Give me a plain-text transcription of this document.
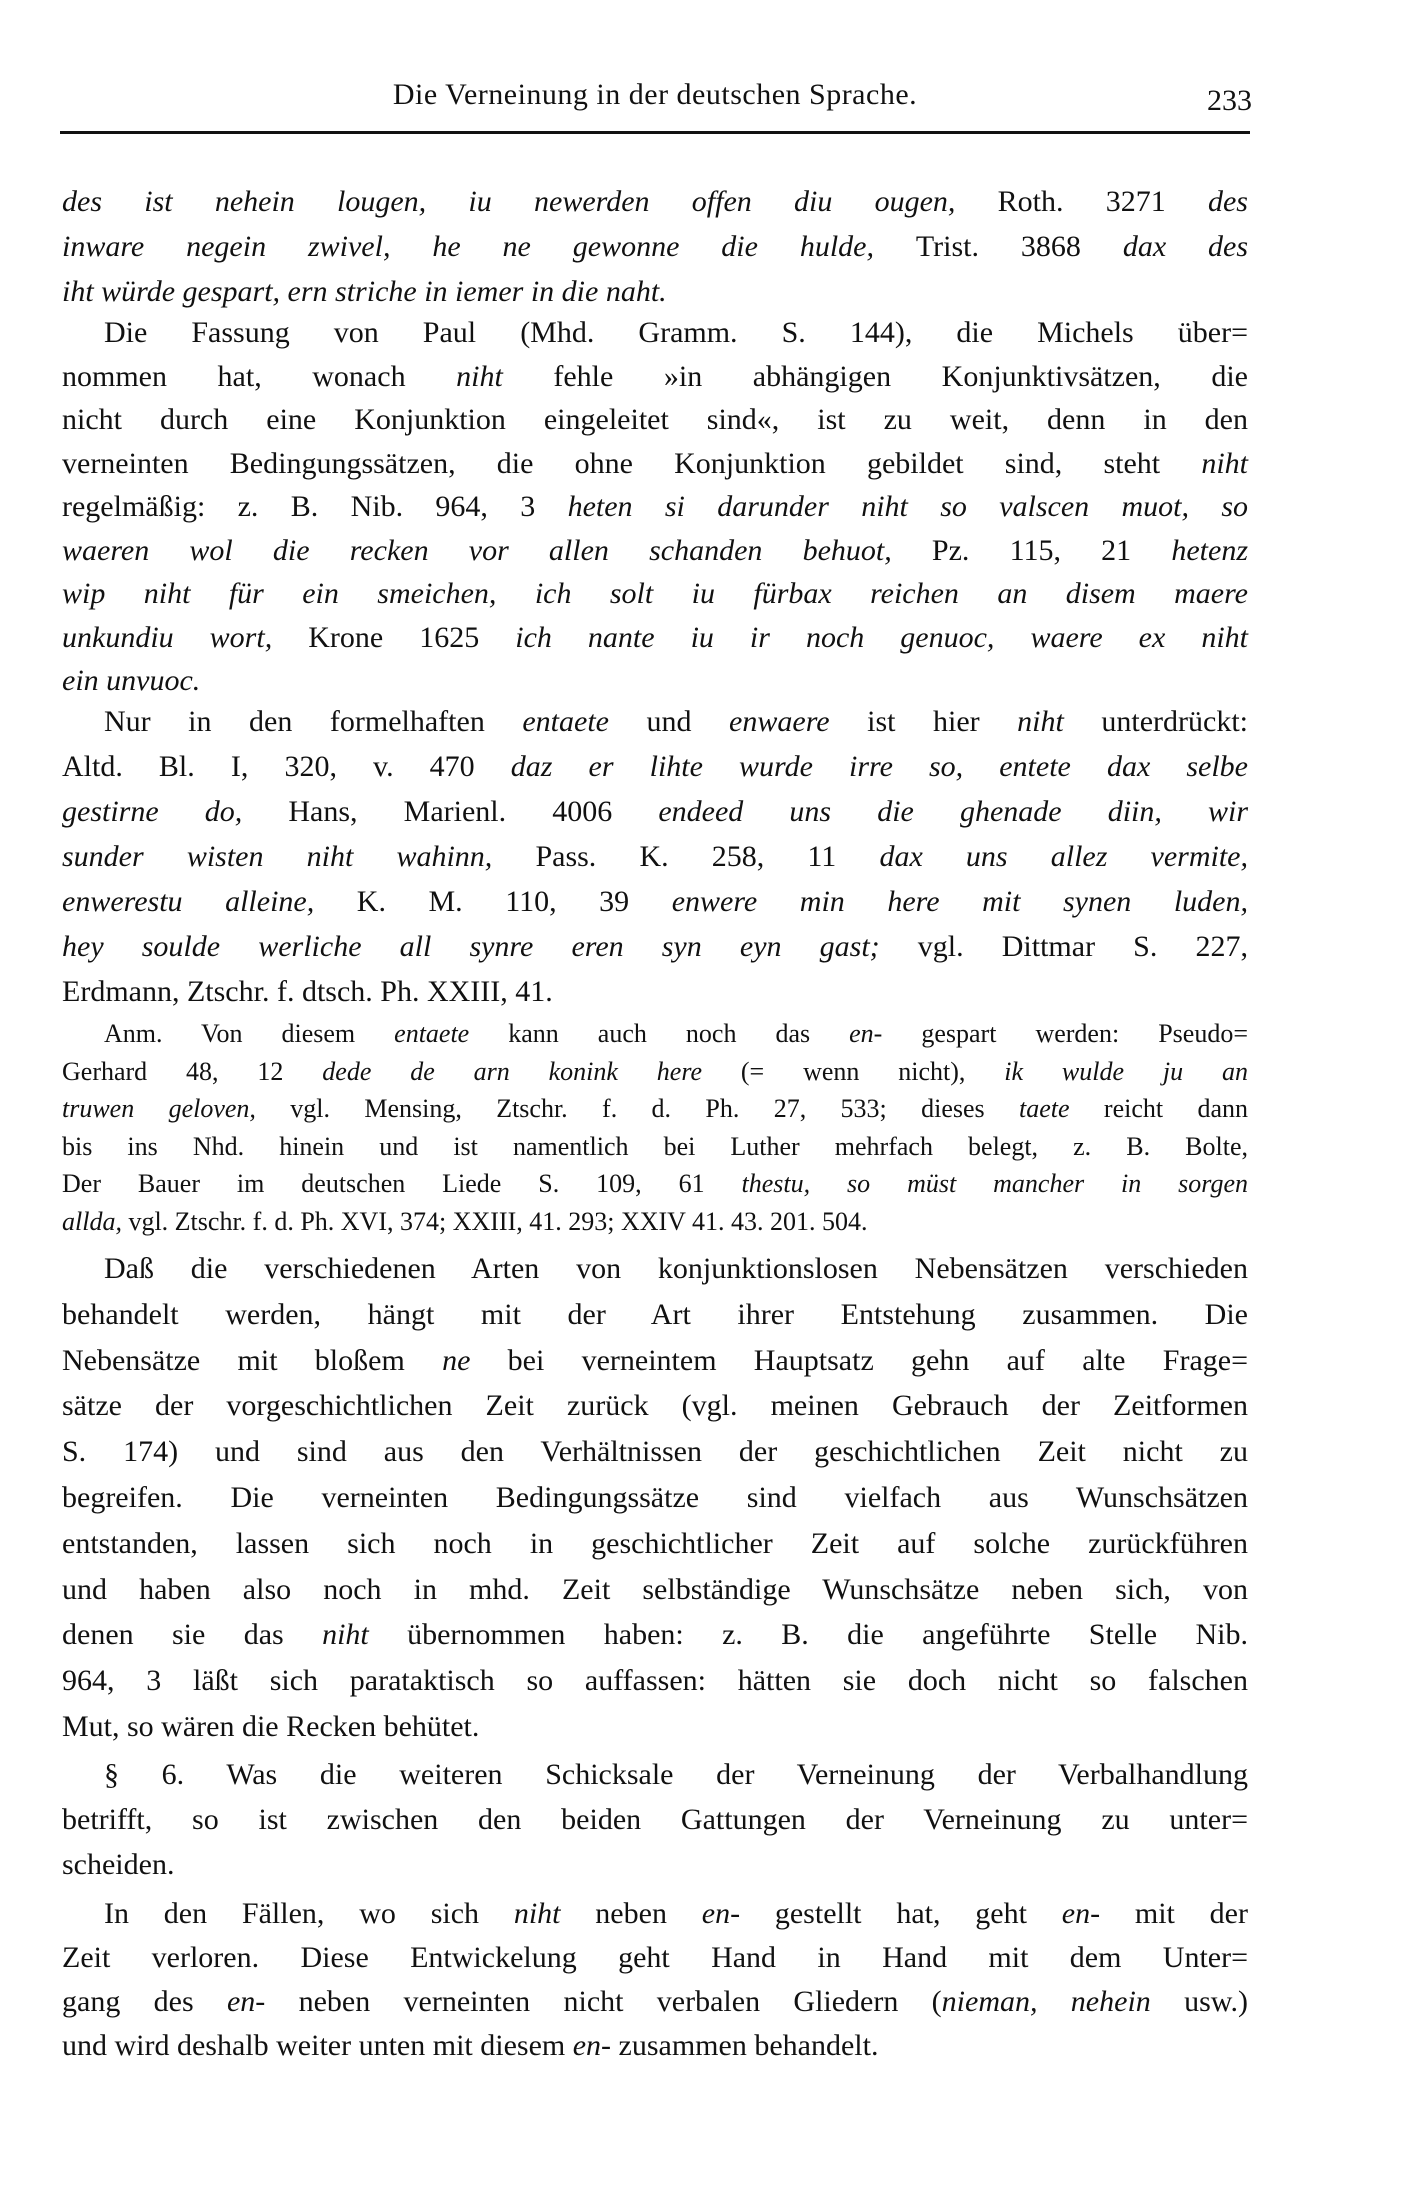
Die Verneinung in der deutschen Sprache.	233
des ist nehein lougen, iu newerden offen diu ougen, Roth. 3271 des
inware negein zwivel, he ne gewonne die hulde, Trist. 3868 dax des
iht würde gespart, ern striche in iemer in die naht.
Die Fassung von Paul (Mhd. Gramm. S. 144), die Michels über=
nommen hat, wonach niht fehle »in abhängigen Konjunktivsätzen, die
nicht durch eine Konjunktion eingeleitet sind«, ist zu weit, denn in den
verneinten Bedingungssätzen, die ohne Konjunktion gebildet sind, steht niht
regelmäßig: z. B. Nib. 964, 3 heten si darunder niht so valscen muot, so
waeren wol die recken vor allen schanden behuot, Pz. 115, 21 hetenz
wip niht für ein smeichen, ich solt iu fürbax reichen an disem maere
unkundiu wort, Krone 1625 ich nante iu ir noch genuoc, waere ex niht
ein unvuoc.
Nur in den formelhaften entaete und enwaere ist hier niht unterdrückt:
Altd. Bl. I, 320, v. 470 daz er lihte wurde irre so, entete dax selbe
gestirne do, Hans, Marienl. 4006 endeed uns die ghenade diin, wir
sunder wisten niht wahinn, Pass. K. 258, 11 dax uns allez vermite,
enwerestu alleine, K. M. 110, 39 enwere min here mit synen luden,
hey soulde werliche all synre eren syn eyn gast; vgl. Dittmar S. 227,
Erdmann, Ztschr. f. dtsch. Ph. XXIII, 41.
Anm. Von diesem entaete kann auch noch das en- gespart werden: Pseudo=
Gerhard 48, 12 dede de arn konink here (= wenn nicht), ik wulde ju an
truwen geloven, vgl. Mensing, Ztschr. f. d. Ph. 27, 533; dieses taete reicht dann
bis ins Nhd. hinein und ist namentlich bei Luther mehrfach belegt, z. B. Bolte,
Der Bauer im deutschen Liede S. 109, 61 thestu, so müst mancher in sorgen
allda, vgl. Ztschr. f. d. Ph. XVI, 374; XXIII, 41. 293; XXIV 41. 43. 201. 504.
Daß die verschiedenen Arten von konjunktionslosen Nebensätzen verschieden
behandelt werden, hängt mit der Art ihrer Entstehung zusammen. Die
Nebensätze mit bloßem ne bei verneintem Hauptsatz gehn auf alte Frage=
sätze der vorgeschichtlichen Zeit zurück (vgl. meinen Gebrauch der Zeitformen
S. 174) und sind aus den Verhältnissen der geschichtlichen Zeit nicht zu
begreifen. Die verneinten Bedingungssätze sind vielfach aus Wunschsätzen
entstanden, lassen sich noch in geschichtlicher Zeit auf solche zurückführen
und haben also noch in mhd. Zeit selbständige Wunschsätze neben sich, von
denen sie das niht übernommen haben: z. B. die angeführte Stelle Nib.
964, 3 läßt sich parataktisch so auffassen: hätten sie doch nicht so falschen
Mut, so wären die Recken behütet.
§ 6. Was die weiteren Schicksale der Verneinung der Verbalhandlung
betrifft, so ist zwischen den beiden Gattungen der Verneinung zu unter=
scheiden.
In den Fällen, wo sich niht neben en- gestellt hat, geht en- mit der
Zeit verloren. Diese Entwickelung geht Hand in Hand mit dem Unter=
gang des en- neben verneinten nicht verbalen Gliedern (nieman, nehein usw.)
und wird deshalb weiter unten mit diesem en- zusammen behandelt.
